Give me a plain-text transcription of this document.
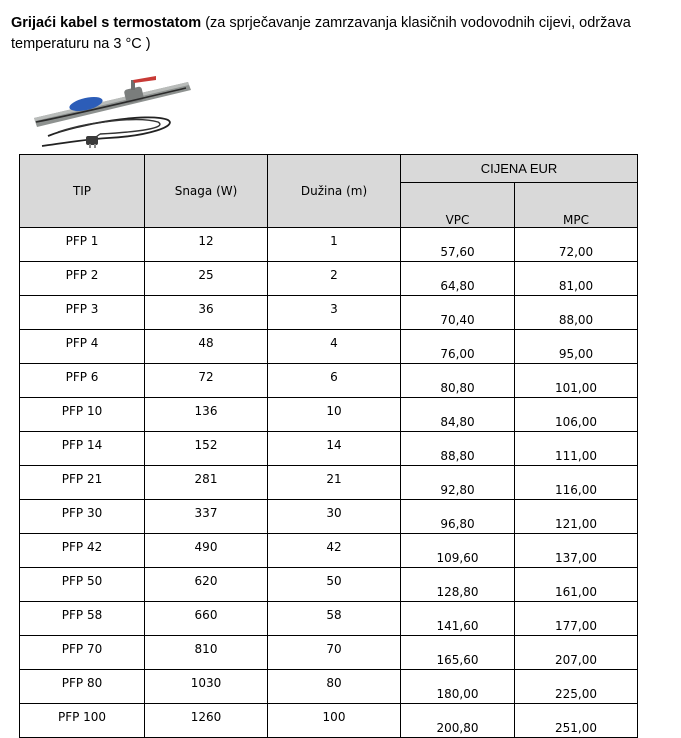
Grijaći kabel s termostatom (za sprječavanje zamrzavanja klasičnih vodovodnih cijevi, održava temperaturu na 3 °C )
TIP	Snaga (W)	Dužina (m)	CIJENA EUR	
			VPC	MPC
PFP 1	12	1	57,60	72,00
PFP 2	25	2	64,80	81,00
PFP 3	36	3	70,40	88,00
PFP 4	48	4	76,00	95,00
PFP 6	72	6	80,80	101,00
PFP 10	136	10	84,80	106,00
PFP 14	152	14	88,80	111,00
PFP 21	281	21	92,80	116,00
PFP 30	337	30	96,80	121,00
PFP 42	490	42	109,60	137,00
PFP 50	620	50	128,80	161,00
PFP 58	660	58	141,60	177,00
PFP 70	810	70	165,60	207,00
PFP 80	1030	80	180,00	225,00
PFP 100	1260	100	200,80	251,00
